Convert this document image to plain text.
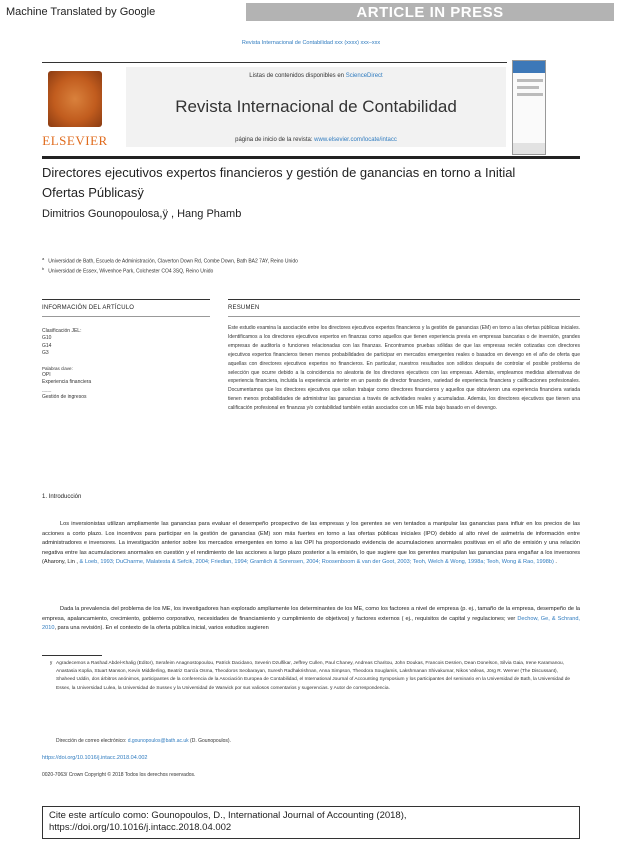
Machine Translated by Google	ARTICLE IN PRESS
Revista Internacional de Contabilidad xxx (xxxx) xxx–xxx
ELSEVIER
Listas de contenidos disponibles en ScienceDirect
Revista Internacional de Contabilidad
página de inicio de la revista: www.elsevier.com/locate/intacc
Directores ejecutivos expertos financieros y gestión de ganancias en torno a Initial
Ofertas Públicasÿ
Dimitrios Gounopoulosa,ÿ , Hang Phamb
$^a$Universidad de Bath, Escuela de Administración, Claverton Down Rd, Combe Down, Bath BA2 7AY, Reino Unido
$^b$Universidad de Essex, Wivenhoe Park, Colchester CO4 3SQ, Reino Unido
INFORMACIÓN DEL ARTÍCULO	RESUMEN
Clasificación JEL:
G10
G14
G3
Palabras clave:
OPI
Experiencia financiera
-------
Gestión de ingresos
Este estudio examina la asociación entre los directores ejecutivos expertos financieros y la gestión de ganancias (EM) en torno a las ofertas públicas iniciales. Identificamos a los directores ejecutivos expertos en finanzas como aquellos que tienen experiencia previa en empresas bancarias o de inversión, grandes empresas de auditoría o funciones relacionadas con las finanzas. Encontramos pruebas sólidas de que las empresas recién cotizadas con directores ejecutivos expertos financieros tienen menos probabilidades de participar en mercados emergentes reales o basados en devengo en el año de oferta que aquellas con directores ejecutivos expertos no financieros. En particular, nuestros resultados son sólidos después de controlar el posible problema de selección que ocurre debido a la coincidencia no aleatoria de los directores ejecutivos con las empresas. Además, empleamos medidas alternativas de experiencia financiera, incluida la experiencia anterior en un puesto de director financiero, variedad de experiencia financiera y calificaciones profesionales. Documentamos que los directores ejecutivos que solían trabajar como directores financieros y aquellos que obtuvieron una experiencia financiera variada tienen menos probabilidades de administrar las ganancias a través de actividades reales y acumuladas. Además, los directores ejecutivos que tienen una calificación profesional en finanzas y/o contabilidad también están asociados con un ME más bajo basado en el devengo.
1. Introducción
Los inversionistas utilizan ampliamente las ganancias para evaluar el desempeño prospectivo de las empresas y los gerentes se ven tentados a manipular las ganancias para influir en los precios de las acciones a corto plazo. Los incentivos para participar en la gestión de ganancias (EM) son más fuertes en torno a las ofertas públicas iniciales (IPO) debido al alto nivel de asimetría de información entre administradores e inversores. La investigación anterior sobre los mercados emergentes en torno a las OPI ha proporcionado evidencia de acumulaciones anormales positivas en el año de emisión y una relación negativa entre las acumulaciones anormales en cuestión y el rendimiento de las acciones a largo plazo posterior a la emisión, lo que sugiere que los gerentes manipulan las ganancias para engañar a los inversores (Aharony, Lin , & Loeb, 1993; DuCharme, Malatesta & Sefcik, 2004; Friedlan, 1994; Gramlich & Sorensen, 2004; Roosenboom & van der Goot, 2003; Teoh, Welch & Wong, 1998a; Teoh, Wong & Rao, 1998b) .
Dada la prevalencia del problema de los ME, los investigadores han explorado ampliamente los determinantes de los ME, como los factores a nivel de empresa (p. ej., tamaño de la empresa, desempeño de la empresa, apalancamiento, crecimiento, gobierno corporativo, necesidades de financiamiento y cumplimiento de objetivos) y factores externos ( ej., requisitos de capital y regulaciones; ver Dechow, Ge, & Schrand, 2010, para una revisión). En el contexto de la oferta pública inicial, varios estudios sugieren
ÿ Agradecemos a Rashad Abdel-Khalig (Editor), Serafeim Anagnostopoulou, Patrick Dacidano, Severin Dzulfikar, Jeffrey Cullen, Paul Chaney, Andreas Charitou, John Doukas, Francois Desrien, Dean Donelson, Silvia Gaia, Irene Karamanou, Anastasia Koplia, Stuart Manson, Kevin Middlerling, Beatriz García Osma, Theodoros Seobarayan, Suresh Radhakrishnan, Anna Simpson, Theodora Souglamis, Lakshmanan Shivakumar, Nikos Vafeas, Jörg R. Werner (The Discussant), Shaheed Uddin, dos árbitros anónimos, participantes de la conferencia de la Asociación Europea de Contabilidad, el International Journal of Accounting Symposium y los participantes del seminario en la Universidad de Bath, la Universidad de Essex, la Universidad Lulea, la Universidad de Sussex y la Universidad de Warwick por sus valiosos comentarios y sugerencias. ÿ Autor de correspondencia.
Dirección de correo electrónico: d.gounopoulos@bath.ac.uk (D. Gounopoulos).
https://doi.org/10.1016/j.intacc.2018.04.002
0020-7063/ Crown Copyright © 2018 Todos los derechos reservados.
Cite este artículo como: Gounopoulos, D., International Journal of Accounting (2018),
https://doi.org/10.1016/j.intacc.2018.04.002
